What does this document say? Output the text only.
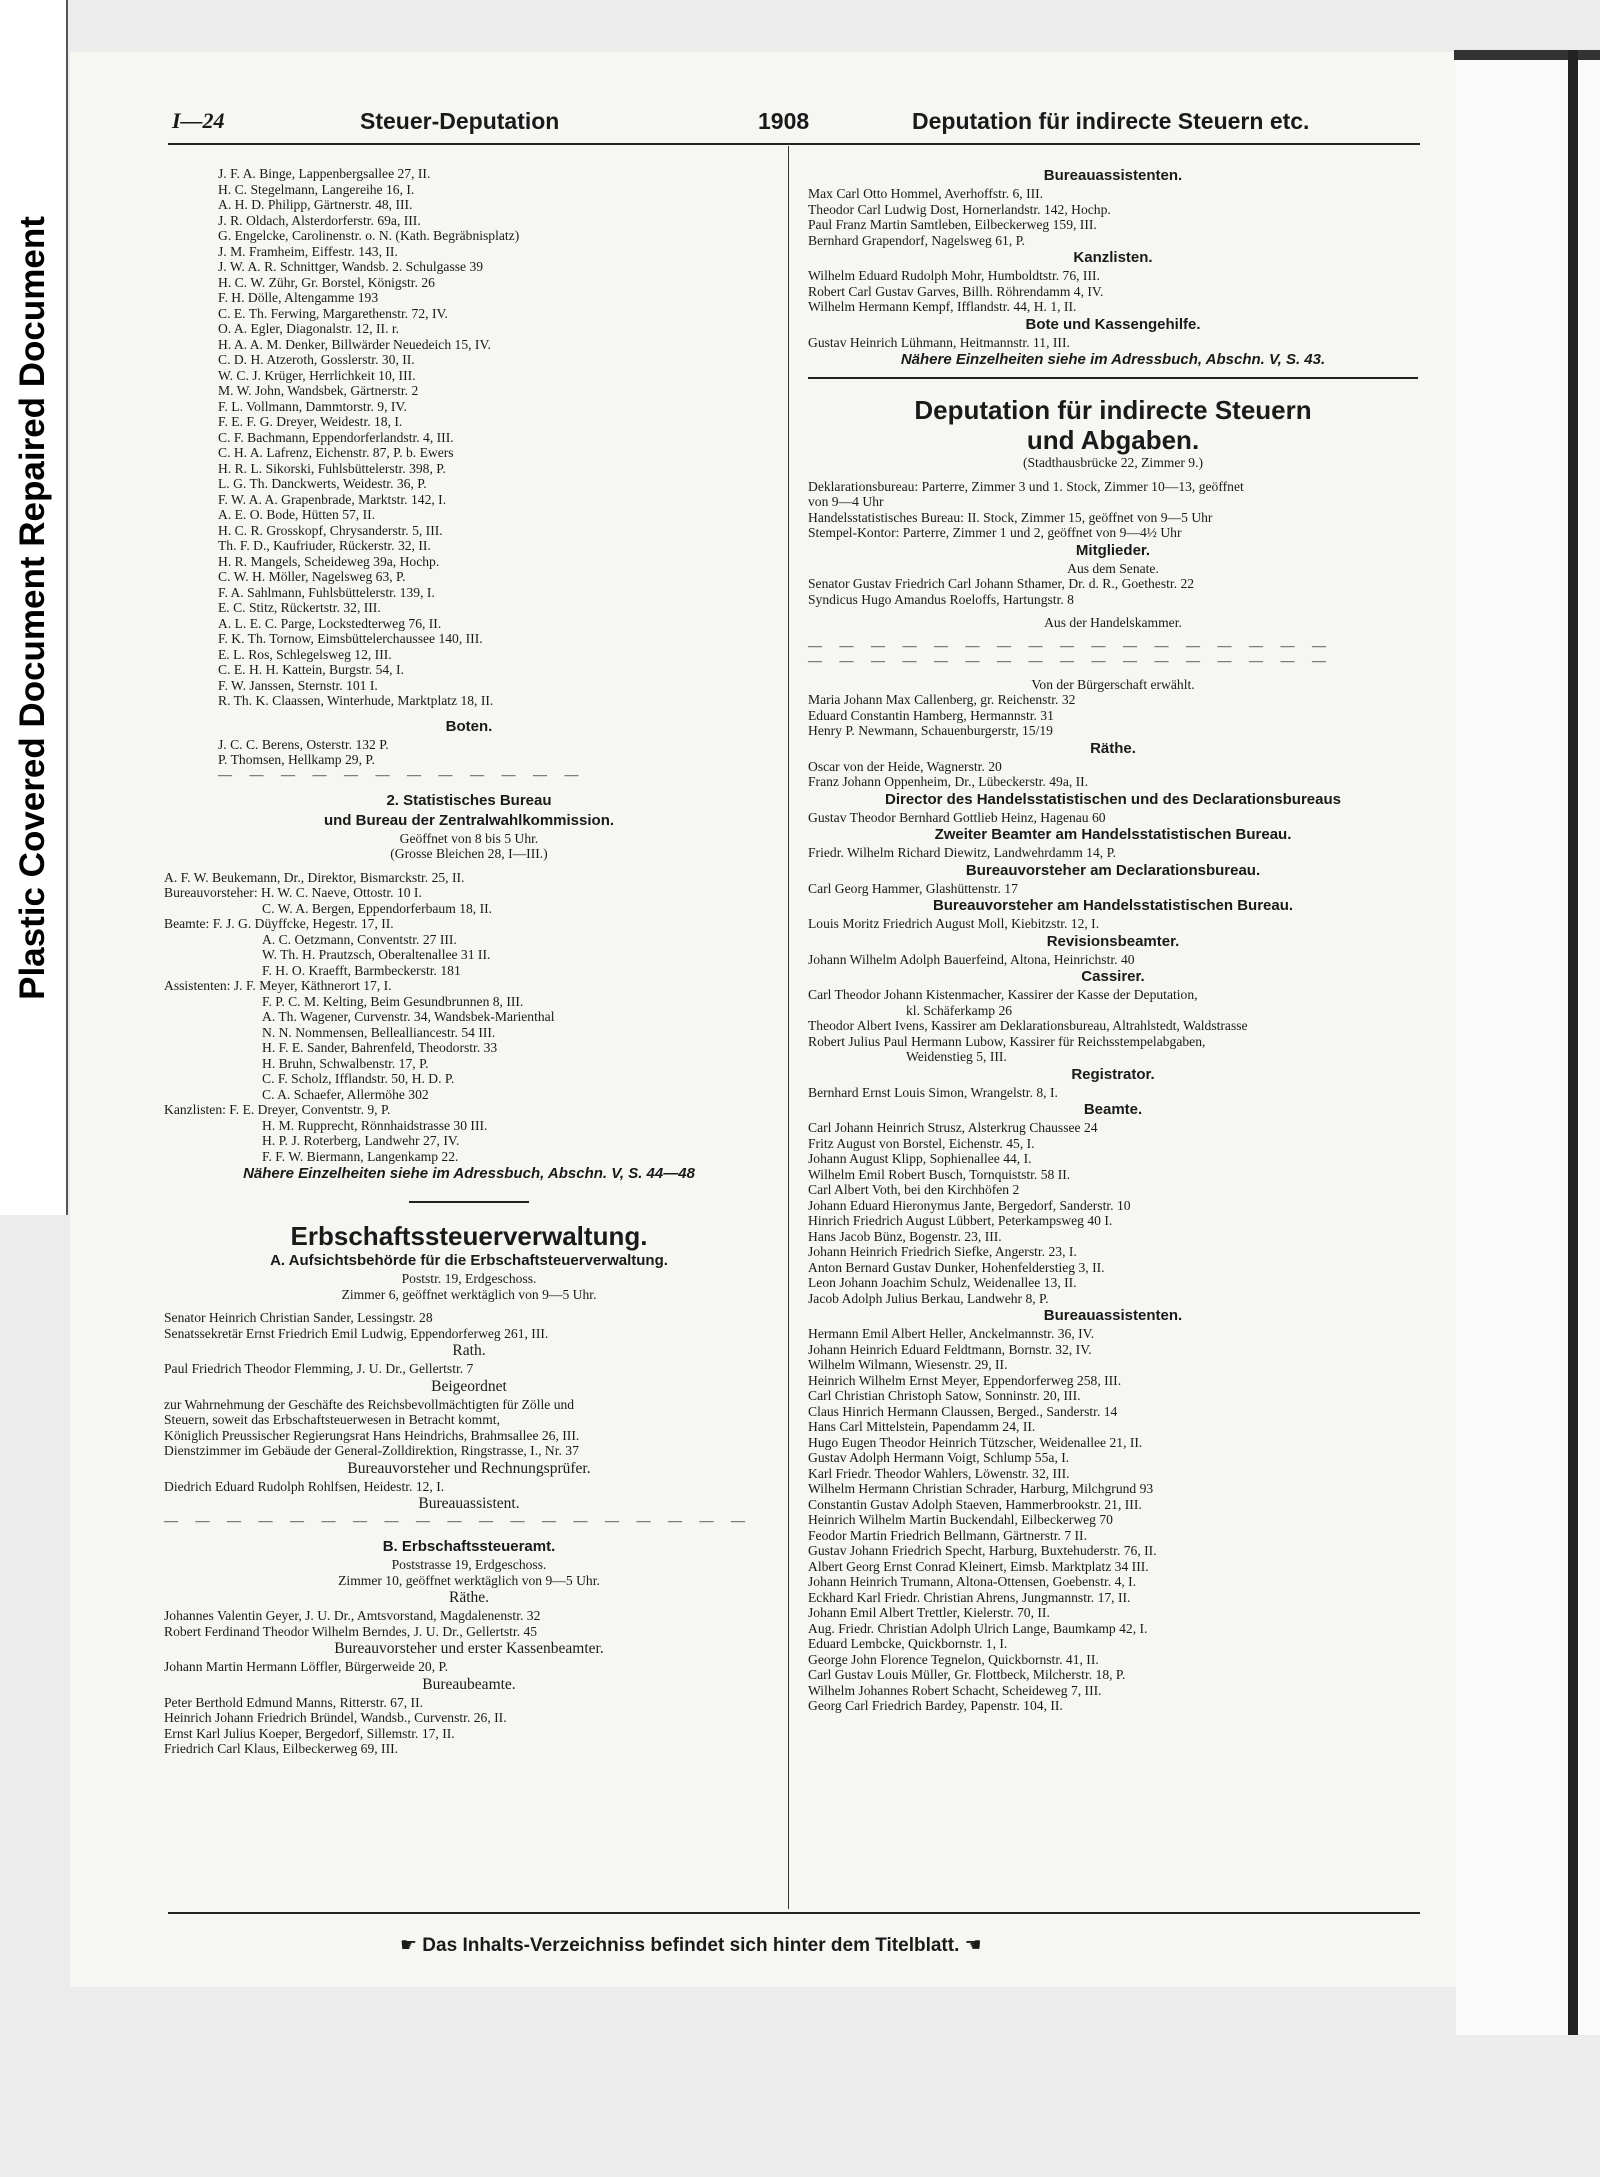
Plastic Covered Document Repaired Document
I—24	Steuer-Deputation	1908	Deputation für indirecte Steuern etc.
J. F. A. Binge, Lappenbergsallee 27, II.
H. C. Stegelmann, Langereihe 16, I.
A. H. D. Philipp, Gärtnerstr. 48, III.
J. R. Oldach, Alsterdorferstr. 69a, III.
G. Engelcke, Carolinenstr. o. N. (Kath. Begräbnisplatz)
J. M. Framheim, Eiffestr. 143, II.
J. W. A. R. Schnittger, Wandsb. 2. Schulgasse 39
H. C. W. Zühr, Gr. Borstel, Königstr. 26
F. H. Dölle, Altengamme 193
C. E. Th. Ferwing, Margarethenstr. 72, IV.
O. A. Egler, Diagonalstr. 12, II. r.
H. A. A. M. Denker, Billwärder Neuedeich 15, IV.
C. D. H. Atzeroth, Gosslerstr. 30, II.
W. C. J. Krüger, Herrlichkeit 10, III.
M. W. John, Wandsbek, Gärtnerstr. 2
F. L. Vollmann, Dammtorstr. 9, IV.
F. E. F. G. Dreyer, Weidestr. 18, I.
C. F. Bachmann, Eppendorferlandstr. 4, III.
C. H. A. Lafrenz, Eichenstr. 87, P. b. Ewers
H. R. L. Sikorski, Fuhlsbüttelerstr. 398, P.
L. G. Th. Danckwerts, Weidestr. 36, P.
F. W. A. A. Grapenbrade, Marktstr. 142, I.
A. E. O. Bode, Hütten 57, II.
H. C. R. Grosskopf, Chrysanderstr. 5, III.
Th. F. D., Kaufriuder, Rückerstr. 32, II.
H. R. Mangels, Scheideweg 39a, Hochp.
C. W. H. Möller, Nagelsweg 63, P.
F. A. Sahlmann, Fuhlsbüttelerstr. 139, I.
E. C. Stitz, Rückertstr. 32, III.
A. L. E. C. Parge, Lockstedterweg 76, II.
F. K. Th. Tornow, Eimsbüttelerchaussee 140, III.
E. L. Ros, Schlegelsweg 12, III.
C. E. H. H. Kattein, Burgstr. 54, I.
F. W. Janssen, Sternstr. 101 I.
R. Th. K. Claassen, Winterhude, Marktplatz 18, II.
Boten.
J. C. C. Berens, Osterstr. 132 P.
P. Thomsen, Hellkamp 29, P.
— — — — — — — — — — — —
2. Statistisches Bureau
und Bureau der Zentralwahlkommission.
Geöffnet von 8 bis 5 Uhr.
(Grosse Bleichen 28, I—III.)
A. F. W. Beukemann, Dr., Direktor, Bismarckstr. 25, II.
Bureauvorsteher: H. W. C. Naeve, Ottostr. 10 I.
C. W. A. Bergen, Eppendorferbaum 18, II.
Beamte: F. J. G. Düyffcke, Hegestr. 17, II.
A. C. Oetzmann, Conventstr. 27 III.
W. Th. H. Prautzsch, Oberaltenallee 31 II.
F. H. O. Kraefft, Barmbeckerstr. 181
Assistenten: J. F. Meyer, Käthnerort 17, I.
F. P. C. M. Kelting, Beim Gesundbrunnen 8, III.
A. Th. Wagener, Curvenstr. 34, Wandsbek-Marienthal
N. N. Nommensen, Bellealliancestr. 54 III.
H. F. E. Sander, Bahrenfeld, Theodorstr. 33
H. Bruhn, Schwalbenstr. 17, P.
C. F. Scholz, Ifflandstr. 50, H. D. P.
C. A. Schaefer, Allermöhe 302
Kanzlisten: F. E. Dreyer, Conventstr. 9, P.
H. M. Rupprecht, Rönnhaidstrasse 30 III.
H. P. J. Roterberg, Landwehr 27, IV.
F. F. W. Biermann, Langenkamp 22.
Nähere Einzelheiten siehe im Adressbuch, Abschn. V, S. 44—48
Erbschaftssteuerverwaltung.
A. Aufsichtsbehörde für die Erbschaftsteuerverwaltung.
Poststr. 19, Erdgeschoss.
Zimmer 6, geöffnet werktäglich von 9—5 Uhr.
Senator Heinrich Christian Sander, Lessingstr. 28
Senatssekretär Ernst Friedrich Emil Ludwig, Eppendorferweg 261, III.
Rath.
Paul Friedrich Theodor Flemming, J. U. Dr., Gellertstr. 7
Beigeordnet
zur Wahrnehmung der Geschäfte des Reichsbevollmächtigten für Zölle und
Steuern, soweit das Erbschaftsteuerwesen in Betracht kommt,
Königlich Preussischer Regierungsrat Hans Heindrichs, Brahmsallee 26, III.
Dienstzimmer im Gebäude der General-Zolldirektion, Ringstrasse, I., Nr. 37
Bureauvorsteher und Rechnungsprüfer.
Diedrich Eduard Rudolph Rohlfsen, Heidestr. 12, I.
Bureauassistent.
— — — — — — — — — — — — — — — — — — —
B. Erbschaftssteueramt.
Poststrasse 19, Erdgeschoss.
Zimmer 10, geöffnet werktäglich von 9—5 Uhr.
Räthe.
Johannes Valentin Geyer, J. U. Dr., Amtsvorstand, Magdalenenstr. 32
Robert Ferdinand Theodor Wilhelm Berndes, J. U. Dr., Gellertstr. 45
Bureauvorsteher und erster Kassenbeamter.
Johann Martin Hermann Löffler, Bürgerweide 20, P.
Bureaubeamte.
Peter Berthold Edmund Manns, Ritterstr. 67, II.
Heinrich Johann Friedrich Bründel, Wandsb., Curvenstr. 26, II.
Ernst Karl Julius Koeper, Bergedorf, Sillemstr. 17, II.
Friedrich Carl Klaus, Eilbeckerweg 69, III.
Bureauassistenten.
Max Carl Otto Hommel, Averhoffstr. 6, III.
Theodor Carl Ludwig Dost, Hornerlandstr. 142, Hochp.
Paul Franz Martin Samtleben, Eilbeckerweg 159, III.
Bernhard Grapendorf, Nagelsweg 61, P.
Kanzlisten.
Wilhelm Eduard Rudolph Mohr, Humboldtstr. 76, III.
Robert Carl Gustav Garves, Billh. Röhrendamm 4, IV.
Wilhelm Hermann Kempf, Ifflandstr. 44, H. 1, II.
Bote und Kassengehilfe.
Gustav Heinrich Lühmann, Heitmannstr. 11, III.
Nähere Einzelheiten siehe im Adressbuch, Abschn. V, S. 43.
Deputation für indirecte Steuern
und Abgaben.
(Stadthausbrücke 22, Zimmer 9.)
Deklarationsbureau: Parterre, Zimmer 3 und 1. Stock, Zimmer 10—13, geöffnet
von 9—4 Uhr
Handelsstatistisches Bureau: II. Stock, Zimmer 15, geöffnet von 9—5 Uhr
Stempel-Kontor: Parterre, Zimmer 1 und 2, geöffnet von 9—4½ Uhr
Mitglieder.
Aus dem Senate.
Senator Gustav Friedrich Carl Johann Sthamer, Dr. d. R., Goethestr. 22
Syndicus Hugo Amandus Roeloffs, Hartungstr. 8
Aus der Handelskammer.
— — — — — — — — — — — — — — — — —
— — — — — — — — — — — — — — — — —
Von der Bürgerschaft erwählt.
Maria Johann Max Callenberg, gr. Reichenstr. 32
Eduard Constantin Hamberg, Hermannstr. 31
Henry P. Newmann, Schauenburgerstr, 15/19
Räthe.
Oscar von der Heide, Wagnerstr. 20
Franz Johann Oppenheim, Dr., Lübeckerstr. 49a, II.
Director des Handelsstatistischen und des Declarationsbureaus
Gustav Theodor Bernhard Gottlieb Heinz, Hagenau 60
Zweiter Beamter am Handelsstatistischen Bureau.
Friedr. Wilhelm Richard Diewitz, Landwehrdamm 14, P.
Bureauvorsteher am Declarationsbureau.
Carl Georg Hammer, Glashüttenstr. 17
Bureauvorsteher am Handelsstatistischen Bureau.
Louis Moritz Friedrich August Moll, Kiebitzstr. 12, I.
Revisionsbeamter.
Johann Wilhelm Adolph Bauerfeind, Altona, Heinrichstr. 40
Cassirer.
Carl Theodor Johann Kistenmacher, Kassirer der Kasse der Deputation,
kl. Schäferkamp 26
Theodor Albert Ivens, Kassirer am Deklarationsbureau, Altrahlstedt, Waldstrasse
Robert Julius Paul Hermann Lubow, Kassirer für Reichsstempelabgaben,
Weidenstieg 5, III.
Registrator.
Bernhard Ernst Louis Simon, Wrangelstr. 8, I.
Beamte.
Carl Johann Heinrich Strusz, Alsterkrug Chaussee 24
Fritz August von Borstel, Eichenstr. 45, I.
Johann August Klipp, Sophienallee 44, I.
Wilhelm Emil Robert Busch, Tornquiststr. 58 II.
Carl Albert Voth, bei den Kirchhöfen 2
Johann Eduard Hieronymus Jante, Bergedorf, Sanderstr. 10
Hinrich Friedrich August Lübbert, Peterkampsweg 40 I.
Hans Jacob Bünz, Bogenstr. 23, III.
Johann Heinrich Friedrich Siefke, Angerstr. 23, I.
Anton Bernard Gustav Dunker, Hohenfelderstieg 3, II.
Leon Johann Joachim Schulz, Weidenallee 13, II.
Jacob Adolph Julius Berkau, Landwehr 8, P.
Bureauassistenten.
Hermann Emil Albert Heller, Anckelmannstr. 36, IV.
Johann Heinrich Eduard Feldtmann, Bornstr. 32, IV.
Wilhelm Wilmann, Wiesenstr. 29, II.
Heinrich Wilhelm Ernst Meyer, Eppendorferweg 258, III.
Carl Christian Christoph Satow, Sonninstr. 20, III.
Claus Hinrich Hermann Claussen, Berged., Sanderstr. 14
Hans Carl Mittelstein, Papendamm 24, II.
Hugo Eugen Theodor Heinrich Tützscher, Weidenallee 21, II.
Gustav Adolph Hermann Voigt, Schlump 55a, I.
Karl Friedr. Theodor Wahlers, Löwenstr. 32, III.
Wilhelm Hermann Christian Schrader, Harburg, Milchgrund 93
Constantin Gustav Adolph Staeven, Hammerbrookstr. 21, III.
Heinrich Wilhelm Martin Buckendahl, Eilbeckerweg 70
Feodor Martin Friedrich Bellmann, Gärtnerstr. 7 II.
Gustav Johann Friedrich Specht, Harburg, Buxtehuderstr. 76, II.
Albert Georg Ernst Conrad Kleinert, Eimsb. Marktplatz 34 III.
Johann Heinrich Trumann, Altona-Ottensen, Goebenstr. 4, I.
Eckhard Karl Friedr. Christian Ahrens, Jungmannstr. 17, II.
Johann Emil Albert Trettler, Kielerstr. 70, II.
Aug. Friedr. Christian Adolph Ulrich Lange, Baumkamp 42, I.
Eduard Lembcke, Quickbornstr. 1, I.
George John Florence Tegnelon, Quickbornstr. 41, II.
Carl Gustav Louis Müller, Gr. Flottbeck, Milcherstr. 18, P.
Wilhelm Johannes Robert Schacht, Scheideweg 7, III.
Georg Carl Friedrich Bardey, Papenstr. 104, II.
☛ Das Inhalts-Verzeichniss befindet sich hinter dem Titelblatt. ☚
